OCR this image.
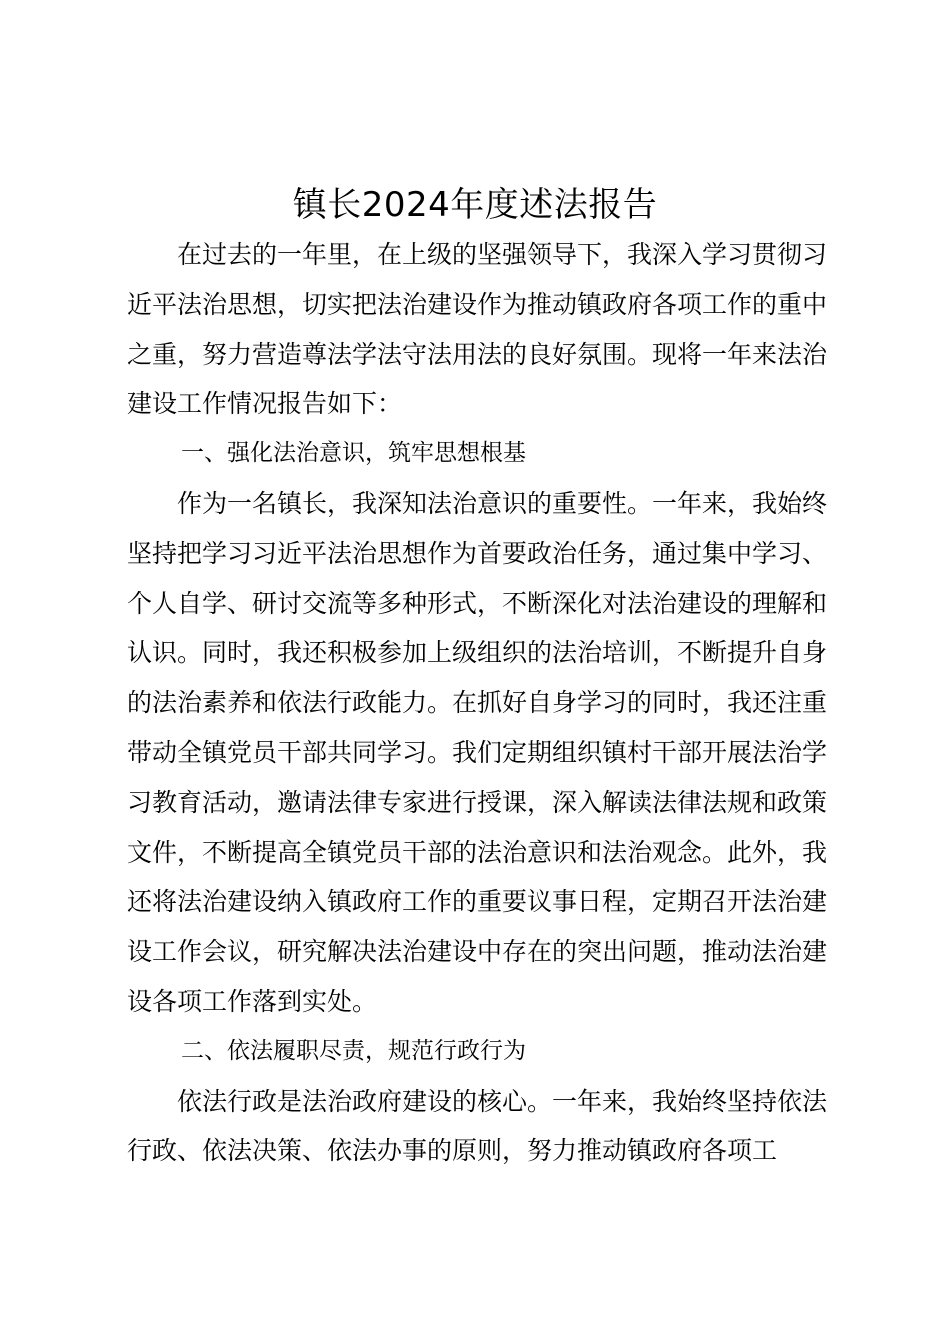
镇长2024年度述法报告

在过去的一年里，在上级的坚强领导下，我深入学习贯彻习近平法治思想，切实把法治建设作为推动镇政府各项工作的重中之重，努力营造尊法学法守法用法的良好氛围。现将一年来法治建设工作情况报告如下：

一、强化法治意识，筑牢思想根基

作为一名镇长，我深知法治意识的重要性。一年来，我始终坚持把学习习近平法治思想作为首要政治任务，通过集中学习、个人自学、研讨交流等多种形式，不断深化对法治建设的理解和认识。同时，我还积极参加上级组织的法治培训，不断提升自身的法治素养和依法行政能力。在抓好自身学习的同时，我还注重带动全镇党员干部共同学习。我们定期组织镇村干部开展法治学习教育活动，邀请法律专家进行授课，深入解读法律法规和政策文件，不断提高全镇党员干部的法治意识和法治观念。此外，我还将法治建设纳入镇政府工作的重要议事日程，定期召开法治建设工作会议，研究解决法治建设中存在的突出问题，推动法治建设各项工作落到实处。

二、依法履职尽责，规范行政行为

依法行政是法治政府建设的核心。一年来，我始终坚持依法行政、依法决策、依法办事的原则，努力推动镇政府各项工
